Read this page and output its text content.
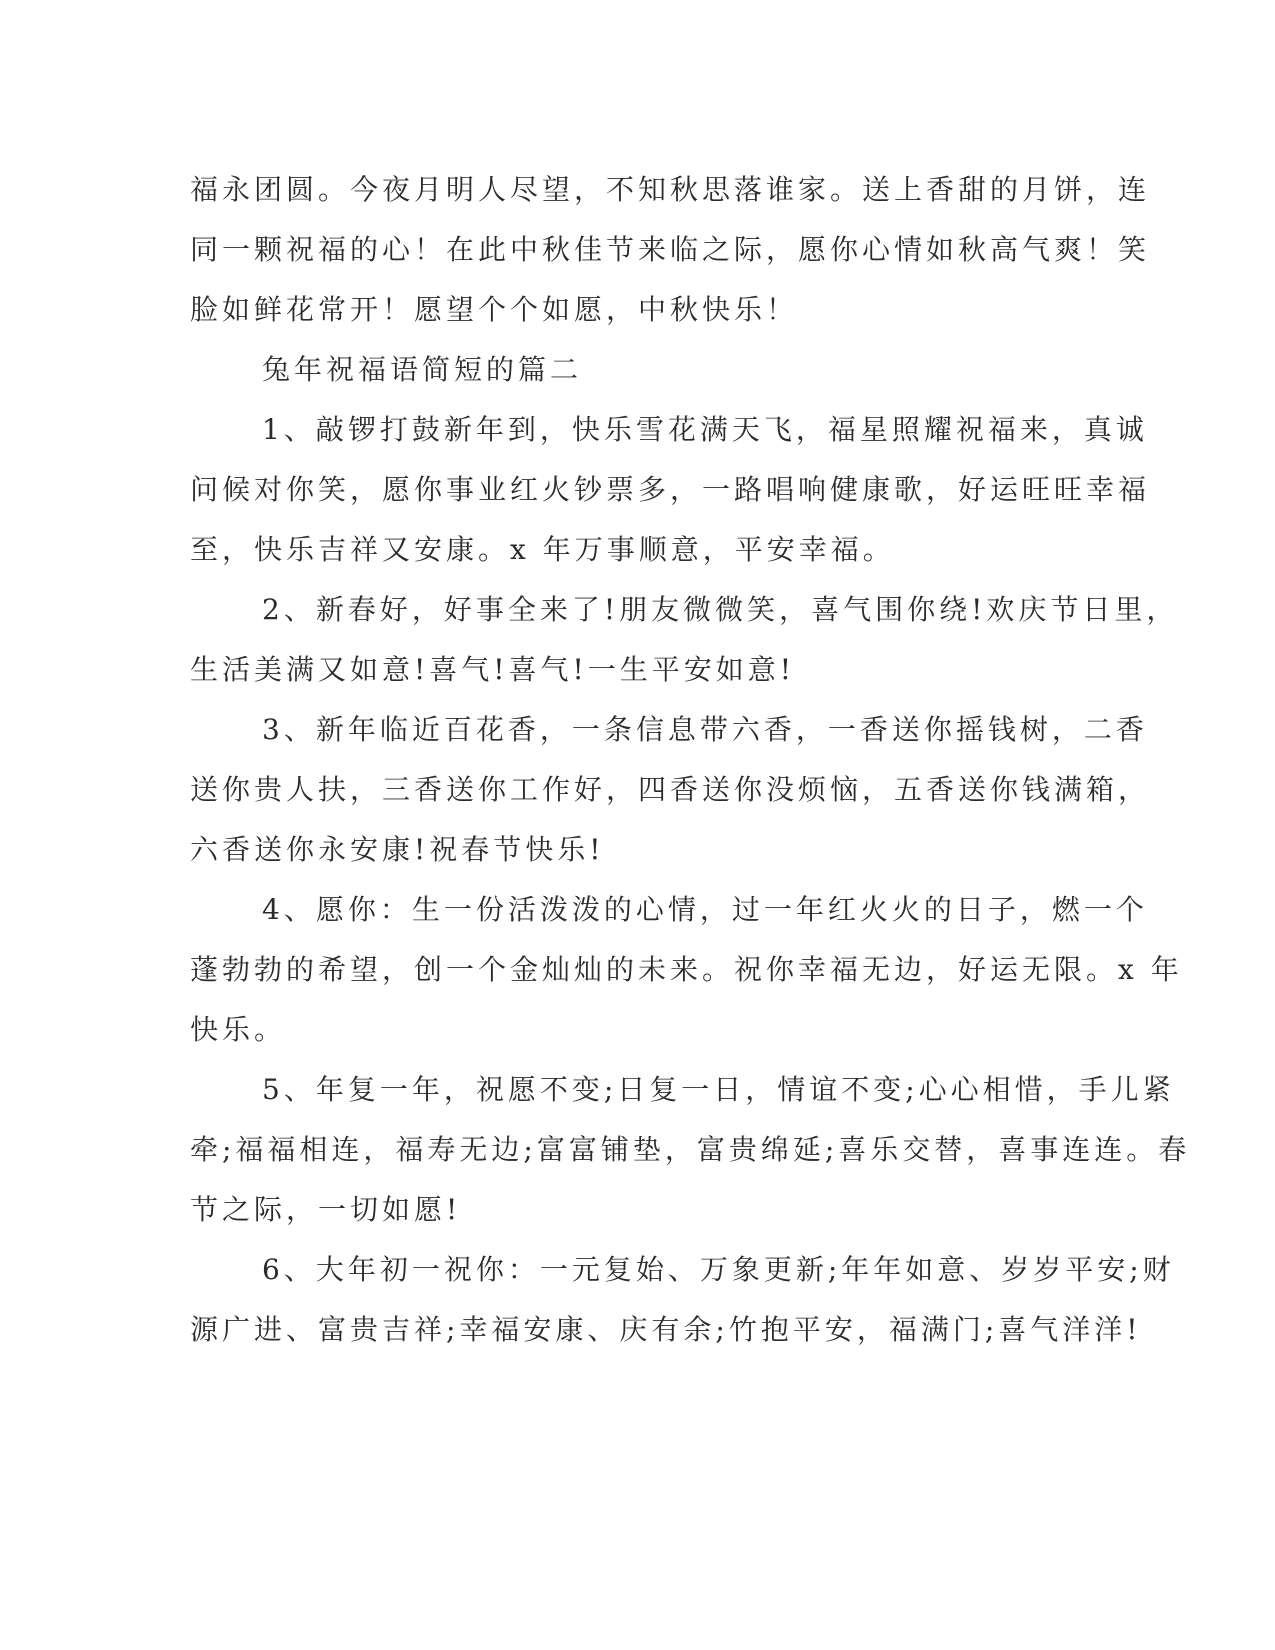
福永团圆。今夜月明人尽望，不知秋思落谁家。送上香甜的月饼，连
同一颗祝福的心！在此中秋佳节来临之际，愿你心情如秋高气爽！笑
脸如鲜花常开！愿望个个如愿，中秋快乐！
兔年祝福语简短的篇二
1、敲锣打鼓新年到，快乐雪花满天飞，福星照耀祝福来，真诚
问候对你笑，愿你事业红火钞票多，一路唱响健康歌，好运旺旺幸福
至，快乐吉祥又安康。x 年万事顺意，平安幸福。
2、新春好，好事全来了!朋友微微笑，喜气围你绕!欢庆节日里，
生活美满又如意!喜气!喜气!一生平安如意!
3、新年临近百花香，一条信息带六香，一香送你摇钱树，二香
送你贵人扶，三香送你工作好，四香送你没烦恼，五香送你钱满箱，
六香送你永安康!祝春节快乐!
4、愿你：生一份活泼泼的心情，过一年红火火的日子，燃一个
蓬勃勃的希望，创一个金灿灿的未来。祝你幸福无边，好运无限。x 年
快乐。
5、年复一年，祝愿不变;日复一日，情谊不变;心心相惜，手儿紧
牵;福福相连，福寿无边;富富铺垫，富贵绵延;喜乐交替，喜事连连。春
节之际，一切如愿!
6、大年初一祝你：一元复始、万象更新;年年如意、岁岁平安;财
源广进、富贵吉祥;幸福安康、庆有余;竹抱平安，福满门;喜气洋洋!
